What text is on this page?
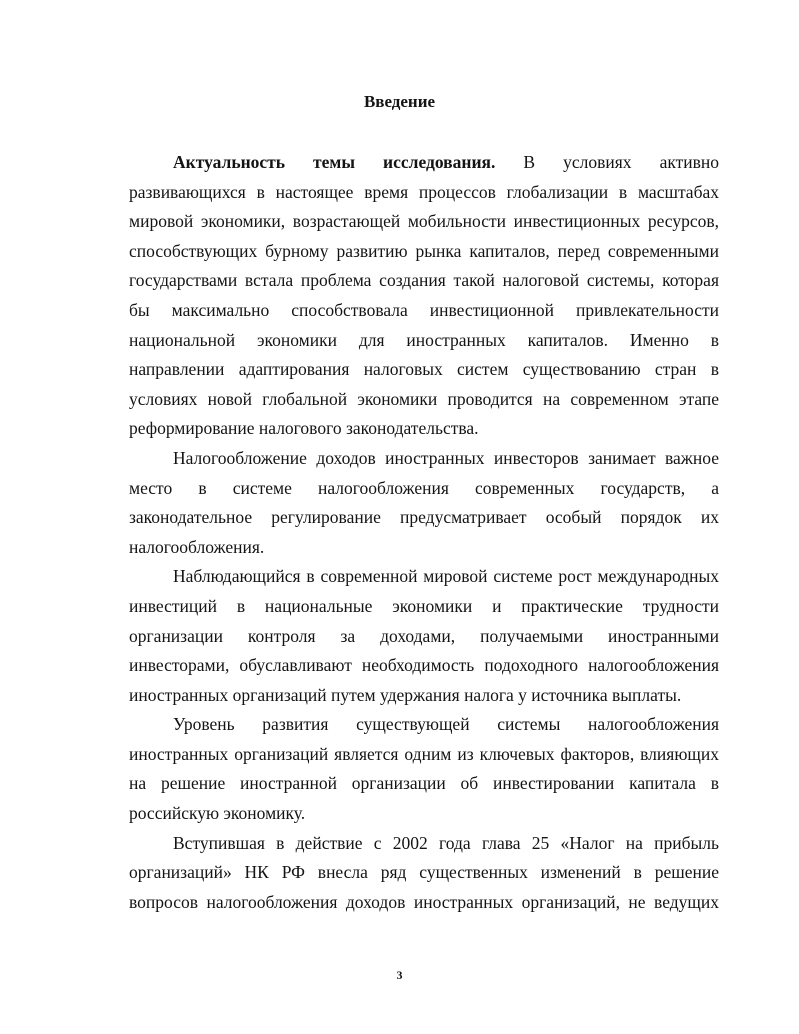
Введение
Актуальность темы исследования. В условиях активно
развивающихся в настоящее время процессов глобализации в масштабах
мировой экономики, возрастающей мобильности инвестиционных ресурсов,
способствующих бурному развитию рынка капиталов, перед современными
государствами встала проблема создания такой налоговой системы, которая
бы максимально способствовала инвестиционной привлекательности
национальной экономики для иностранных капиталов. Именно в
направлении адаптирования налоговых систем существованию стран в
условиях новой глобальной экономики проводится на современном этапе
реформирование налогового законодательства.
Налогообложение доходов иностранных инвесторов занимает важное
место в системе налогообложения современных государств, а
законодательное регулирование предусматривает особый порядок их
налогообложения.
Наблюдающийся в современной мировой системе рост международных
инвестиций в национальные экономики и практические трудности
организации контроля за доходами, получаемыми иностранными
инвесторами, обуславливают необходимость подоходного налогообложения
иностранных организаций путем удержания налога у источника выплаты.
Уровень развития существующей системы налогообложения
иностранных организаций является одним из ключевых факторов, влияющих
на решение иностранной организации об инвестировании капитала в
российскую экономику.
Вступившая в действие с 2002 года глава 25 «Налог на прибыль
организаций» НК РФ внесла ряд существенных изменений в решение
вопросов налогообложения доходов иностранных организаций, не ведущих
3
